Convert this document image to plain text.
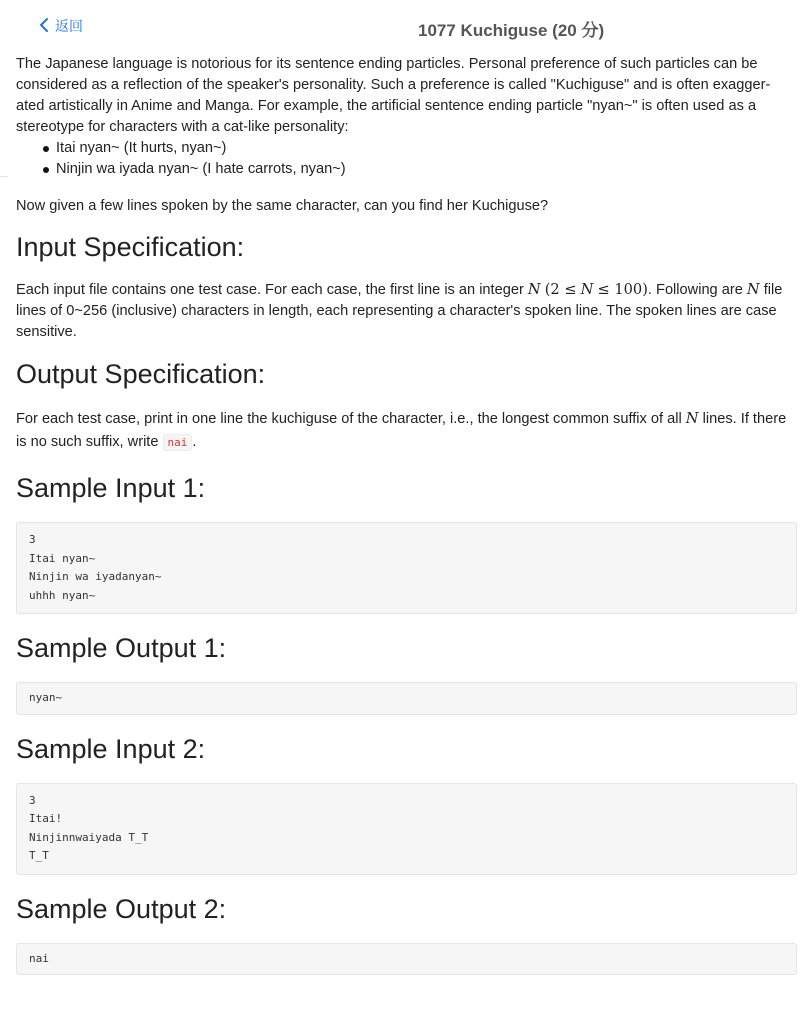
返回	1077 Kuchiguse (20 分)

The Japanese language is notorious for its sentence ending particles. Personal preference of such particles can be considered as a reflection of the speaker's personality. Such a preference is called "Kuchiguse" and is often exagger-ated artistically in Anime and Manga. For example, the artificial sentence ending particle "nyan~" is often used as a stereotype for characters with a cat-like personality:

Itai nyan~ (It hurts, nyan~)
Ninjin wa iyada nyan~ (I hate carrots, nyan~)

Now given a few lines spoken by the same character, can you find her Kuchiguse?

Input Specification:

Each input file contains one test case. For each case, the first line is an integer N (2 ≤ N ≤ 100). Following are N file lines of 0~256 (inclusive) characters in length, each representing a character's spoken line. The spoken lines are case sensitive.

Output Specification:

For each test case, print in one line the kuchiguse of the character, i.e., the longest common suffix of all N lines. If there is no such suffix, write nai .

Sample Input 1:
3
Itai nyan~
Ninjin wa iyadanyan~
uhhh nyan~
Sample Output 1:
nyan~
Sample Input 2:
3
Itai!
Ninjinnwaiyada T_T
T_T
Sample Output 2:
nai
